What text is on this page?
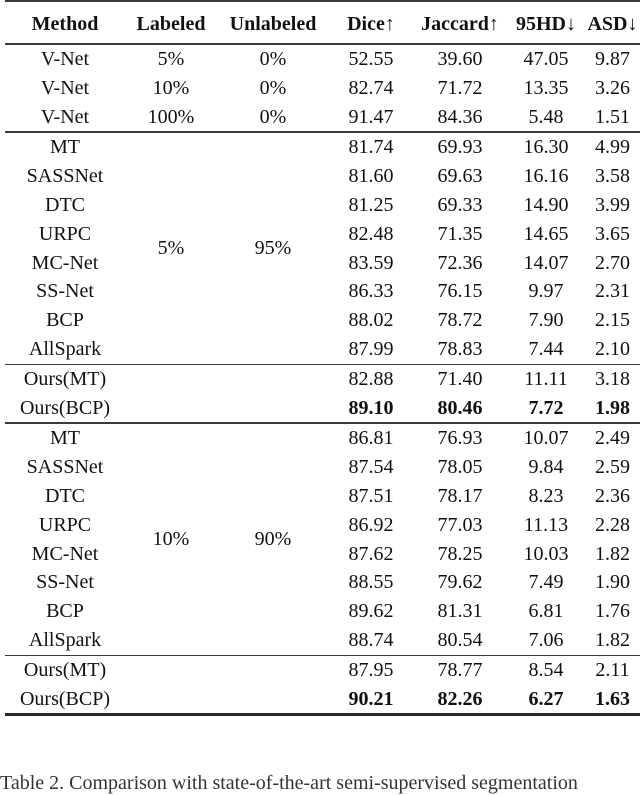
Method	Labeled	Unlabeled	Dice↑	Jaccard↑	95HD↓	ASD↓
V-Net	5%	0%	52.55	39.60	47.05	9.87
V-Net	10%	0%	82.74	71.72	13.35	3.26
V-Net	100%	0%	91.47	84.36	5.48	1.51
MT	5%	95%	81.74	69.93	16.30	4.99
SASSNet			81.60	69.63	16.16	3.58
DTC			81.25	69.33	14.90	3.99
URPC			82.48	71.35	14.65	3.65
MC-Net			83.59	72.36	14.07	2.70
SS-Net			86.33	76.15	9.97	2.31
BCP			88.02	78.72	7.90	2.15
AllSpark			87.99	78.83	7.44	2.10
Ours(MT)			82.88	71.40	11.11	3.18
Ours(BCP)			89.10	80.46	7.72	1.98
MT	10%	90%	86.81	76.93	10.07	2.49
SASSNet			87.54	78.05	9.84	2.59
DTC			87.51	78.17	8.23	2.36
URPC			86.92	77.03	11.13	2.28
MC-Net			87.62	78.25	10.03	1.82
SS-Net			88.55	79.62	7.49	1.90
BCP			89.62	81.31	6.81	1.76
AllSpark			88.74	80.54	7.06	1.82
Ours(MT)			87.95	78.77	8.54	2.11
Ours(BCP)			90.21	82.26	6.27	1.63
Table 2. Comparison with state-of-the-art semi-supervised segmentation
